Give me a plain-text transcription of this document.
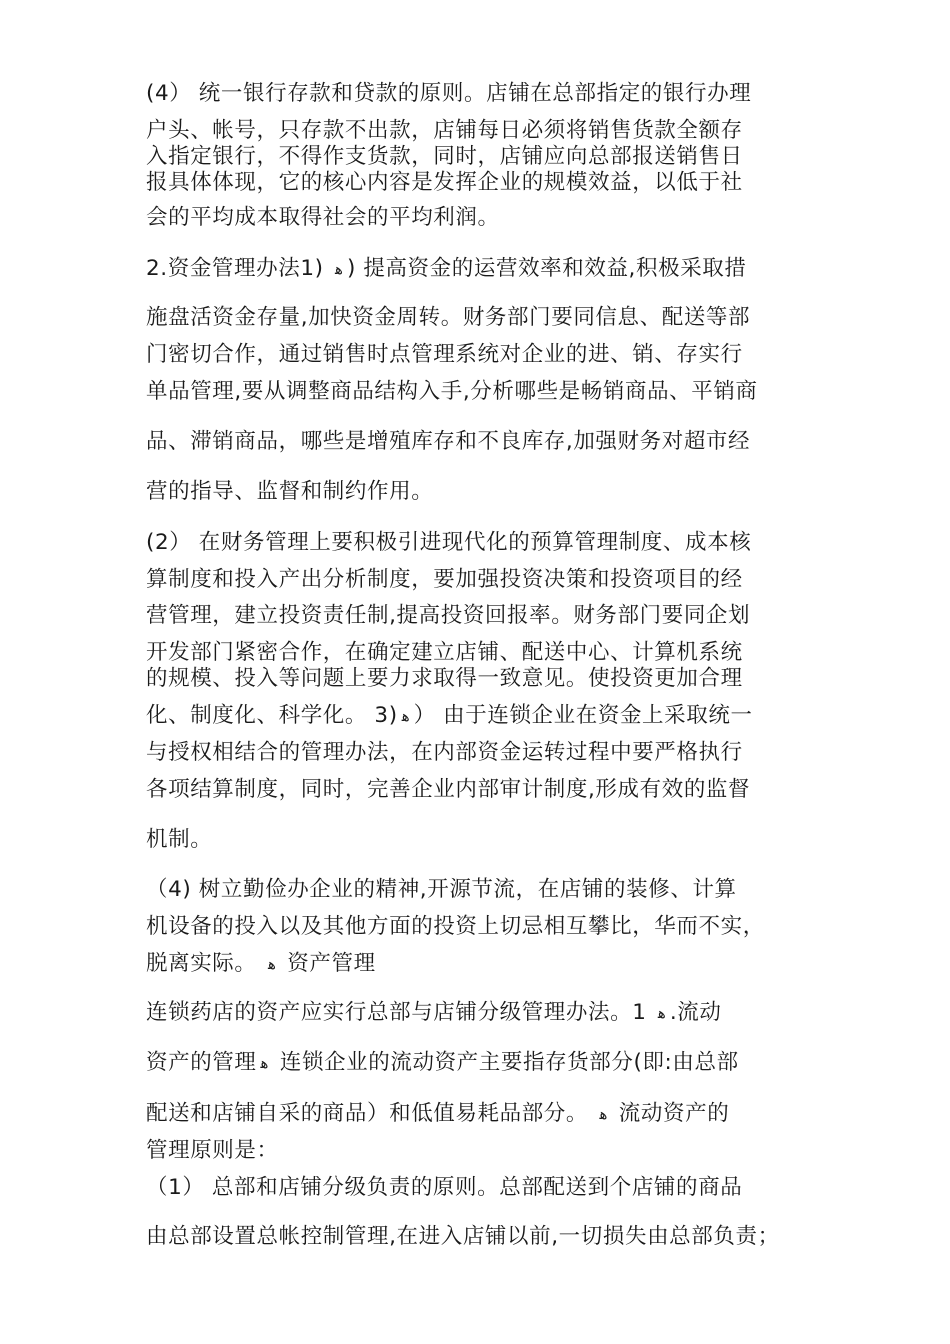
(4） 统一银行存款和贷款的原则。店铺在总部指定的银行办理
户头、帐号，只存款不出款，店铺每日必须将销售货款全额存
入指定银行，不得作支货款，同时，店铺应向总部报送销售日
报具体体现，它的核心内容是发挥企业的规模效益，以低于社
会的平均成本取得社会的平均利润。
2.资金管理办法1) ﻫ ) 提高资金的运营效率和效益,积极采取措
施盘活资金存量,加快资金周转。财务部门要同信息、配送等部
门密切合作，通过销售时点管理系统对企业的进、销、存实行
单品管理,要从调整商品结构入手,分析哪些是畅销商品、平销商
品、滞销商品，哪些是增殖库存和不良库存,加强财务对超市经
营的指导、监督和制约作用。
(2） 在财务管理上要积极引进现代化的预算管理制度、成本核
算制度和投入产出分析制度，要加强投资决策和投资项目的经
营管理，建立投资责任制,提高投资回报率。财务部门要同企划
开发部门紧密合作，在确定建立店铺、配送中心、计算机系统
的规模、投入等问题上要力求取得一致意见。使投资更加合理
化、制度化、科学化。 3) ﻫ ） 由于连锁企业在资金上采取统一
与授权相结合的管理办法，在内部资金运转过程中要严格执行
各项结算制度，同时，完善企业内部审计制度,形成有效的监督
机制。
（4) 树立勤俭办企业的精神,开源节流，在店铺的装修、计算
机设备的投入以及其他方面的投资上切忌相互攀比，华而不实，
脱离实际。 ﻫ 资产管理
连锁药店的资产应实行总部与店铺分级管理办法。1 ﻫ .流动
资产的管理 ﻫ 连锁企业的流动资产主要指存货部分(即:由总部
配送和店铺自采的商品）和低值易耗品部分。 ﻫ 流动资产的
管理原则是：
（1） 总部和店铺分级负责的原则。总部配送到个店铺的商品
由总部设置总帐控制管理,在进入店铺以前,一切损失由总部负责；
